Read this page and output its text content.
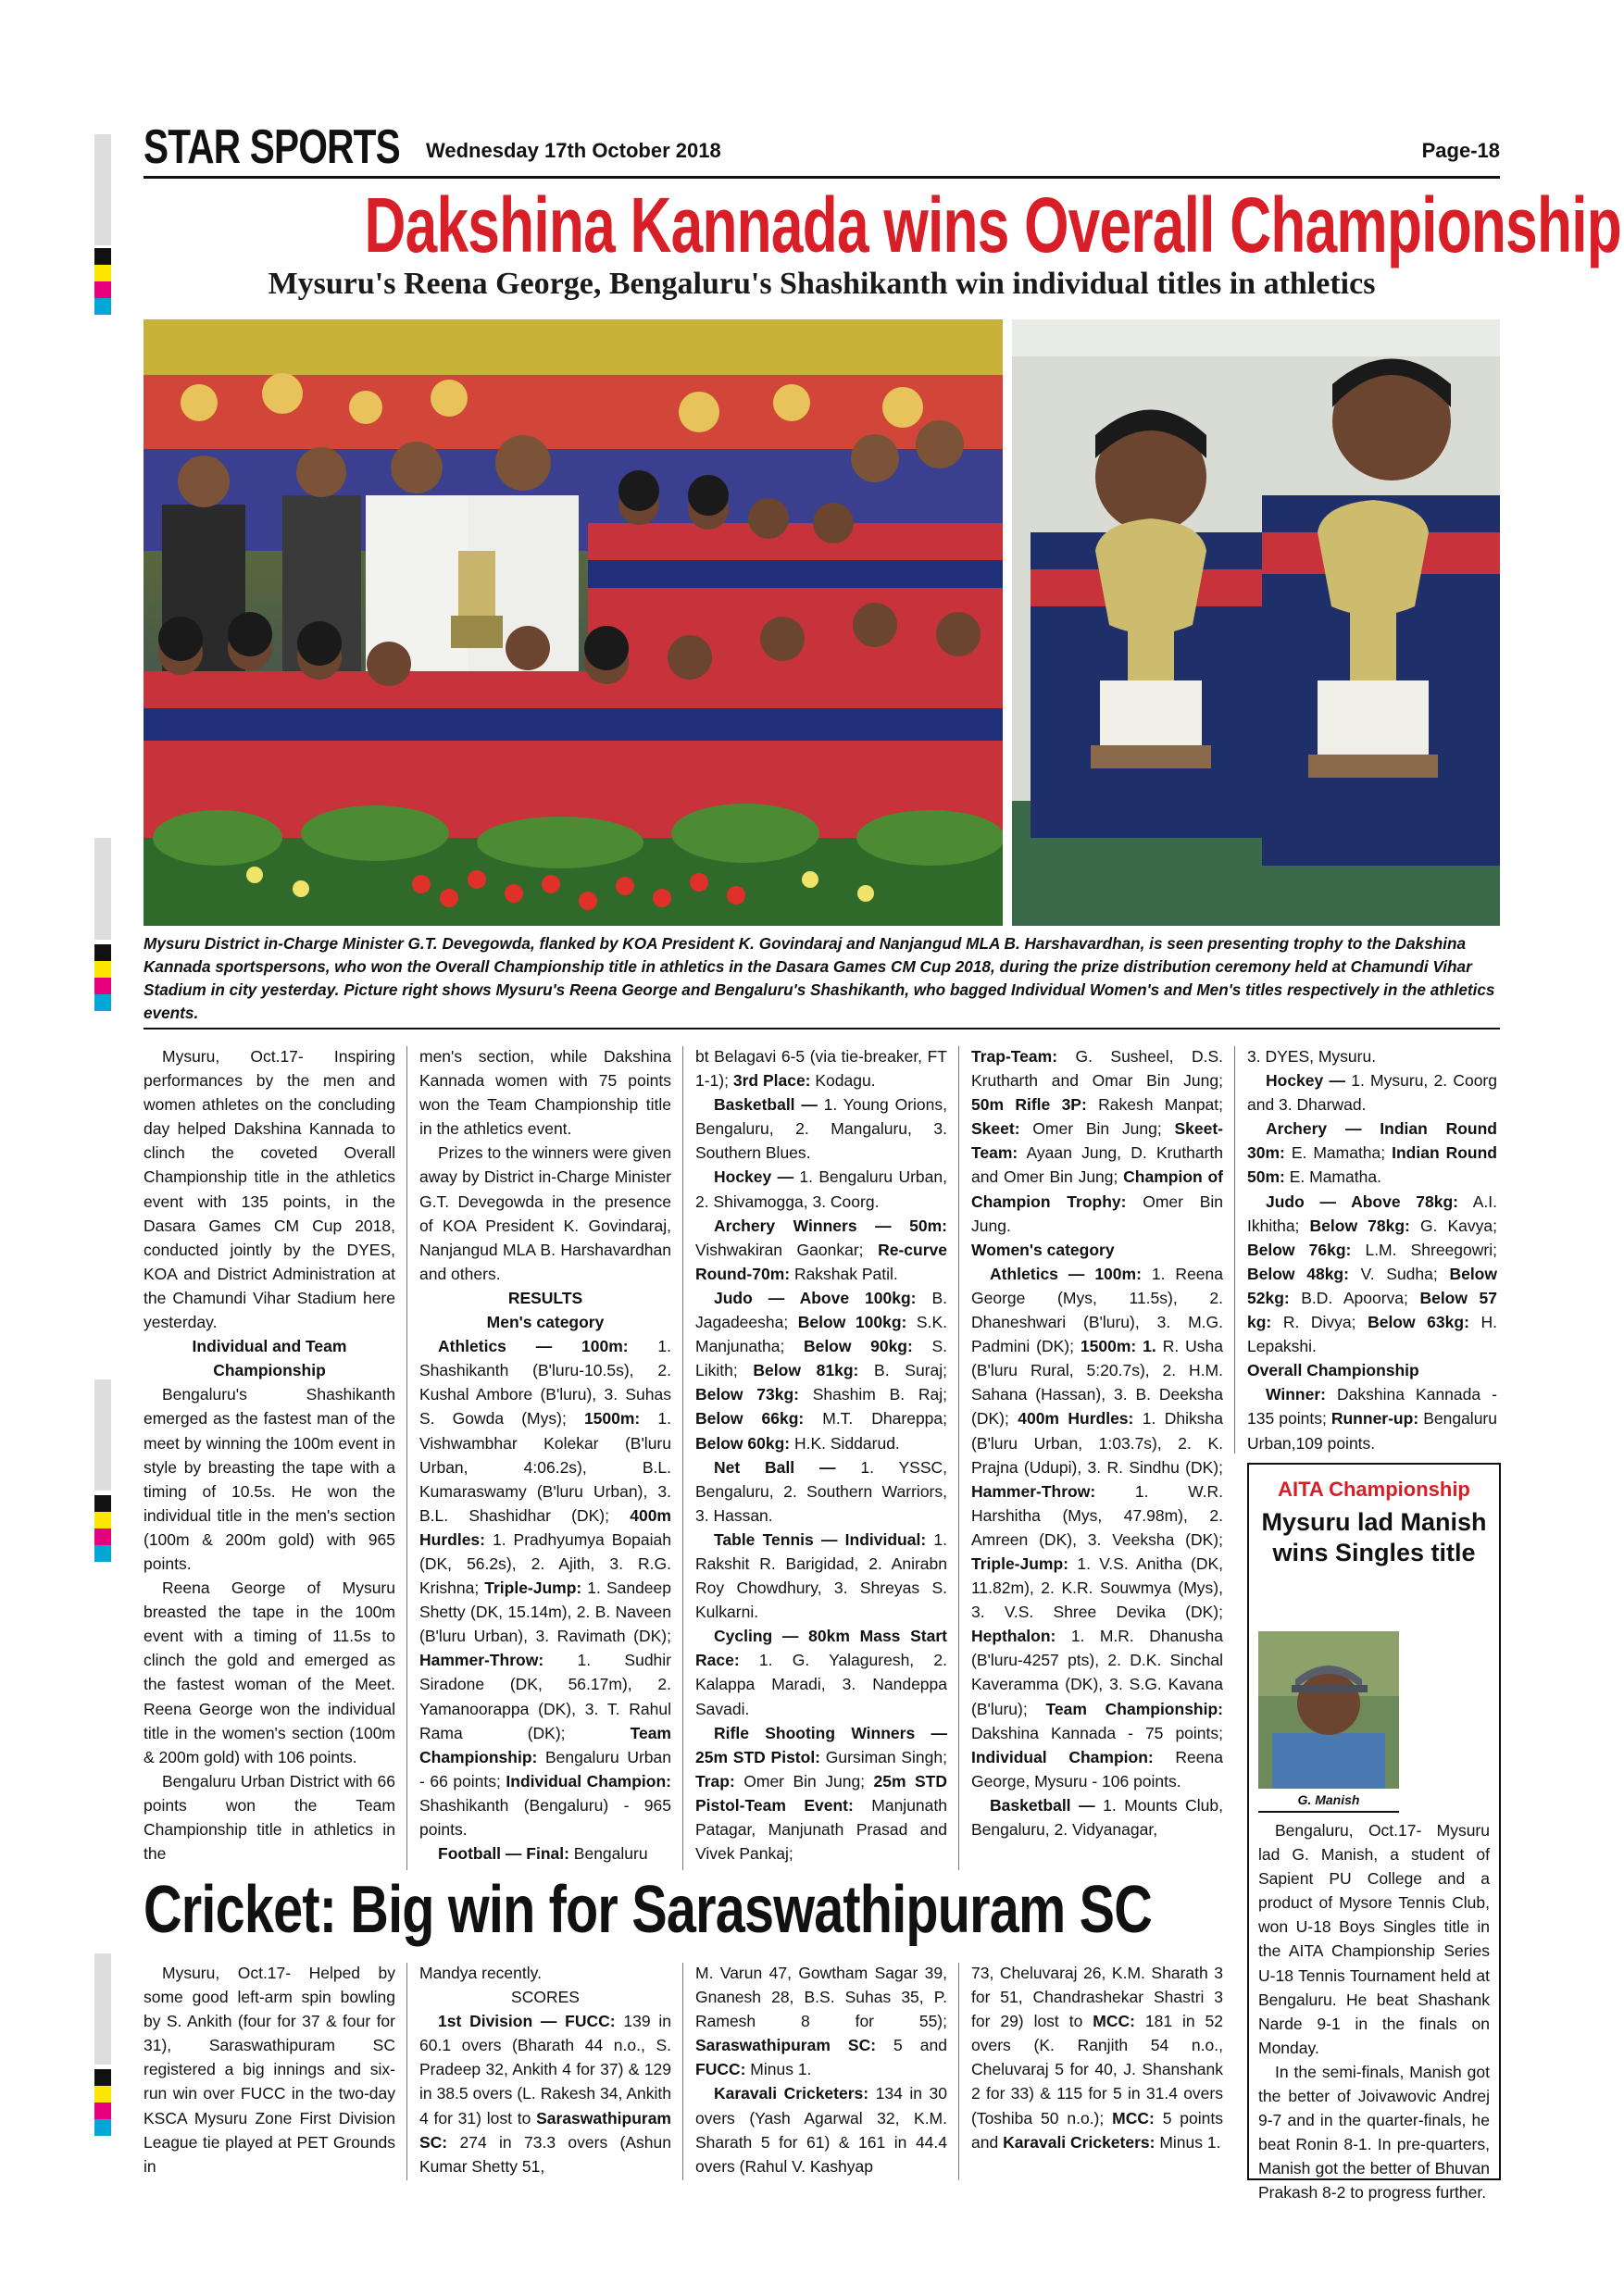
STAR SPORTS Wednesday 17th October 2018	Page-18
Dakshina Kannada wins Overall Championship
Mysuru's Reena George, Bengaluru's Shashikanth win individual titles in athletics
Mysuru District in-Charge Minister G.T. Devegowda, flanked by KOA President K. Govindaraj and Nanjangud MLA B. Harshavardhan, is seen presenting trophy to the Dakshina Kannada sportspersons, who won the Overall Championship title in athletics in the Dasara Games CM Cup 2018, during the prize distribution ceremony held at Chamundi Vihar Stadium in city yesterday. Picture right shows Mysuru's Reena George and Bengaluru's Shashikanth, who bagged Individual Women's and Men's titles respectively in the athletics events.

Mysuru, Oct.17- Inspiring performances by the men and women athletes on the concluding day helped Dakshina Kannada to clinch the coveted Overall Championship title in the athletics event with 135 points, in the Dasara Games CM Cup 2018, conducted jointly by the DYES, KOA and District Administration at the Chamundi Vihar Stadium here yesterday.

Individual and Team Championship

Bengaluru's Shashikanth emerged as the fastest man of the meet by winning the 100m event in style by breasting the tape with a timing of 10.5s. He won the individual title in the men's section (100m & 200m gold) with 965 points.

Reena George of Mysuru breasted the tape in the 100m event with a timing of 11.5s to clinch the gold and emerged as the fastest woman of the Meet. Reena George won the individual title in the women's section (100m & 200m gold) with 106 points.

Bengaluru Urban District with 66 points won the Team Championship title in athletics in the

men's section, while Dakshina Kannada women with 75 points won the Team Championship title in the athletics event.

Prizes to the winners were given away by District in-Charge Minister G.T. Devegowda in the presence of KOA President K. Govindaraj, Nanjangud MLA B. Harshavardhan and others.

RESULTS

Men's category

Athletics — 100m: 1. Shashikanth (B'luru-10.5s), 2. Kushal Ambore (B'luru), 3. Suhas S. Gowda (Mys); 1500m: 1. Vishwambhar Kolekar (B'luru Urban, 4:06.2s), B.L. Kumaraswamy (B'luru Urban), 3. B.L. Shashidhar (DK); 400m Hurdles: 1. Pradhyumya Bopaiah (DK, 56.2s), 2. Ajith, 3. R.G. Krishna; Triple-Jump: 1. Sandeep Shetty (DK, 15.14m), 2. B. Naveen (B'luru Urban), 3. Ravimath (DK); Hammer-Throw: 1. Sudhir Siradone (DK, 56.17m), 2. Yamanoorappa (DK), 3. T. Rahul Rama (DK); Team Championship: Bengaluru Urban - 66 points; Individual Champion: Shashikanth (Bengaluru) - 965 points.

Football — Final: Bengaluru

bt Belagavi 6-5 (via tie-breaker, FT 1-1); 3rd Place: Kodagu.

Basketball — 1. Young Orions, Bengaluru, 2. Mangaluru, 3. Southern Blues.

Hockey — 1. Bengaluru Urban, 2. Shivamogga, 3. Coorg.

Archery Winners — 50m: Vishwakiran Gaonkar; Re-curve Round-70m: Rakshak Patil.

Judo — Above 100kg: B. Jagadeesha; Below 100kg: S.K. Manjunatha; Below 90kg: S. Likith; Below 81kg: B. Suraj; Below 73kg: Shashim B. Raj; Below 66kg: M.T. Dhareppa; Below 60kg: H.K. Siddarud.

Net Ball — 1. YSSC, Bengaluru, 2. Southern Warriors, 3. Hassan.

Table Tennis — Individual: 1. Rakshit R. Barigidad, 2. Anirabn Roy Chowdhury, 3. Shreyas S. Kulkarni.

Cycling — 80km Mass Start Race: 1. G. Yalaguresh, 2. Kalappa Maradi, 3. Nandeppa Savadi.

Rifle Shooting Winners — 25m STD Pistol: Gursiman Singh; Trap: Omer Bin Jung; 25m STD Pistol-Team Event: Manjunath Patagar, Manjunath Prasad and Vivek Pankaj;

Trap-Team: G. Susheel, D.S. Krutharth and Omar Bin Jung; 50m Rifle 3P: Rakesh Manpat; Skeet: Omer Bin Jung; Skeet-Team: Ayaan Jung, D. Krutharth and Omer Bin Jung; Champion of Champion Trophy: Omer Bin Jung.

Women's category

Athletics — 100m: 1. Reena George (Mys, 11.5s), 2. Dhaneshwari (B'luru), 3. M.G. Padmini (DK); 1500m: 1. R. Usha (B'luru Rural, 5:20.7s), 2. H.M. Sahana (Hassan), 3. B. Deeksha (DK); 400m Hurdles: 1. Dhiksha (B'luru Urban, 1:03.7s), 2. K. Prajna (Udupi), 3. R. Sindhu (DK); Hammer-Throw: 1. W.R. Harshitha (Mys, 47.98m), 2. Amreen (DK), 3. Veeksha (DK); Triple-Jump: 1. V.S. Anitha (DK, 11.82m), 2. K.R. Souwmya (Mys), 3. V.S. Shree Devika (DK); Hepthalon: 1. M.R. Dhanusha (B'luru-4257 pts), 2. D.K. Sinchal Kaveramma (DK), 3. S.G. Kavana (B'luru); Team Championship: Dakshina Kannada - 75 points; Individual Champion: Reena George, Mysuru - 106 points.

Basketball — 1. Mounts Club, Bengaluru, 2. Vidyanagar,

3. DYES, Mysuru.

Hockey — 1. Mysuru, 2. Coorg and 3. Dharwad.

Archery — Indian Round 30m: E. Mamatha; Indian Round 50m: E. Mamatha.

Judo — Above 78kg: A.I. Ikhitha; Below 78kg: G. Kavya; Below 76kg: L.M. Shreegowri; Below 48kg: V. Sudha; Below 52kg: B.D. Apoorva; Below 57 kg: R. Divya; Below 63kg: H. Lepakshi.

Overall Championship

Winner: Dakshina Kannada - 135 points; Runner-up: Bengaluru Urban,109 points.

AITA Championship
Mysuru lad Manish wins Singles title
G. Manish

Bengaluru, Oct.17- Mysuru lad G. Manish, a student of Sapient PU College and a product of Mysore Tennis Club, won U-18 Boys Singles title in the AITA Championship Series U-18 Tennis Tournament held at Bengaluru. He beat Shashank Narde 9-1 in the finals on Monday.

In the semi-finals, Manish got the better of Joivawovic Andrej 9-7 and in the quarter-finals, he beat Ronin 8-1. In pre-quarters, Manish got the better of Bhuvan Prakash 8-2 to progress further.

Cricket: Big win for Saraswathipuram SC

Mysuru, Oct.17- Helped by some good left-arm spin bowling by S. Ankith (four for 37 & four for 31), Saraswathipuram SC registered a big innings and six-run win over FUCC in the two-day KSCA Mysuru Zone First Division League tie played at PET Grounds in

Mandya recently.

SCORES

1st Division — FUCC: 139 in 60.1 overs (Bharath 44 n.o., S. Pradeep 32, Ankith 4 for 37) & 129 in 38.5 overs (L. Rakesh 34, Ankith 4 for 31) lost to Saraswathipuram SC: 274 in 73.3 overs (Ashun Kumar Shetty 51,

M. Varun 47, Gowtham Sagar 39, Gnanesh 28, B.S. Suhas 35, P. Ramesh 8 for 55); Saraswathipuram SC: 5 and FUCC: Minus 1.

Karavali Cricketers: 134 in 30 overs (Yash Agarwal 32, K.M. Sharath 5 for 61) & 161 in 44.4 overs (Rahul V. Kashyap

73, Cheluvaraj 26, K.M. Sharath 3 for 51, Chandrashekar Shastri 3 for 29) lost to MCC: 181 in 52 overs (K. Ranjith 54 n.o., Cheluvaraj 5 for 40, J. Shanshank 2 for 33) & 115 for 5 in 31.4 overs (Toshiba 50 n.o.); MCC: 5 points and Karavali Cricketers: Minus 1.
